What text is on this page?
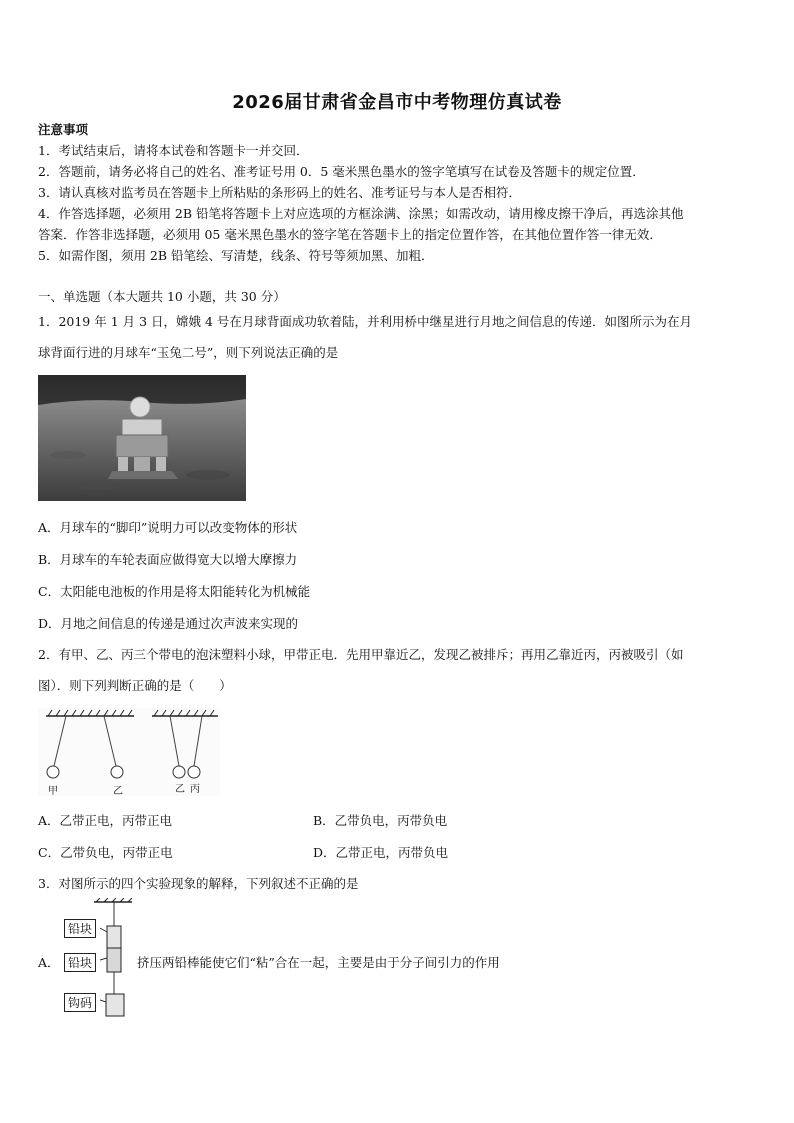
2026届甘肃省金昌市中考物理仿真试卷
注意事项
1．考试结束后，请将本试卷和答题卡一并交回．
2．答题前，请务必将自己的姓名、准考证号用 0．5 毫米黑色墨水的签字笔填写在试卷及答题卡的规定位置．
3．请认真核对监考员在答题卡上所粘贴的条形码上的姓名、准考证号与本人是否相符．
4．作答选择题，必须用 2B 铅笔将答题卡上对应选项的方框涂满、涂黑；如需改动，请用橡皮擦干净后，再选涂其他
答案．作答非选择题，必须用 05 毫米黑色墨水的签字笔在答题卡上的指定位置作答，在其他位置作答一律无效．
5．如需作图，须用 2B 铅笔绘、写清楚，线条、符号等须加黑、加粗．
一、单选题（本大题共 10 小题，共 30 分）
1．2019 年 1 月 3 日，嫦娥 4 号在月球背面成功软着陆，并利用桥中继星进行月地之间信息的传递．如图所示为在月
球背面行进的月球车“玉兔二号”，则下列说法正确的是
A．月球车的“脚印”说明力可以改变物体的形状
B．月球车的车轮表面应做得宽大以增大摩擦力
C．太阳能电池板的作用是将太阳能转化为机械能
D．月地之间信息的传递是通过次声波来实现的
2．有甲、乙、丙三个带电的泡沫塑料小球，甲带正电．先用甲靠近乙，发现乙被排斥；再用乙靠近丙，丙被吸引（如
图）．则下列判断正确的是（　　）
甲	乙	乙 丙
A．乙带正电，丙带正电	B．乙带负电，丙带负电
C．乙带负电，丙带正电	D．乙带正电，丙带负电
3．对图所示的四个实验现象的解释，下列叙述不正确的是
铅块
铅块
钩码
A．	挤压两铅棒能使它们“粘”合在一起，主要是由于分子间引力的作用
